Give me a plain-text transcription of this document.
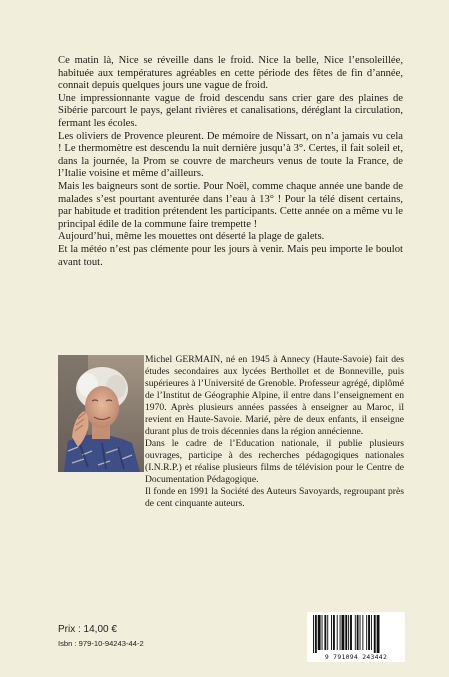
Ce matin là, Nice se réveille dans le froid. Nice la belle, Nice l’ensoleillée, habituée aux températures agréables en cette période des fêtes de fin d’année, connait depuis quelques jours une vague de froid.

Une impressionnante vague de froid descendu sans crier gare des plaines de Sibérie parcourt le pays, gelant rivières et canalisations, déréglant la circulation, fermant les écoles.

Les oliviers de Provence pleurent. De mémoire de Nissart, on n’a jamais vu cela ! Le thermomètre est descendu la nuit dernière jusqu’à 3°. Certes, il fait soleil et, dans la journée, la Prom se couvre de marcheurs venus de toute la France, de l’Italie voisine et même d’ailleurs.

Mais les baigneurs sont de sortie. Pour Noël, comme chaque année une bande de malades s’est pourtant aventurée dans l’eau à 13° ! Pour la télé disent certains, par habitude et tradition prétendent les participants. Cette année on a même vu le principal édile de la commune faire trempette !

Aujourd’hui, même les mouettes ont déserté la plage de galets.

Et la météo n’est pas clémente pour les jours à venir. Mais peu importe le boulot avant tout.

Michel GERMAIN, né en 1945 à Annecy (Haute-Savoie) fait des études secondaires aux lycées Berthollet et de Bonneville, puis supérieures à l’Université de Grenoble. Professeur agrégé, diplômé de l’Institut de Géographie Alpine, il entre dans l’enseignement en 1970. Après plusieurs années passées à enseigner au Maroc, il revient en Haute-Savoie. Marié, père de deux enfants, il enseigne durant plus de trois décennies dans la région annécienne.

Dans le cadre de l’Education nationale, il publie plusieurs ouvrages, participe à des recherches pédagogiques nationales (I.N.R.P.) et réalise plusieurs films de télévision pour le Centre de Documentation Pédagogique.

Il fonde en 1991 la Société des Auteurs Savoyards, regroupant près de cent cinquante auteurs.

Prix : 14,00 €
Isbn : 979-10-94243-44-2
9 791094 243442
